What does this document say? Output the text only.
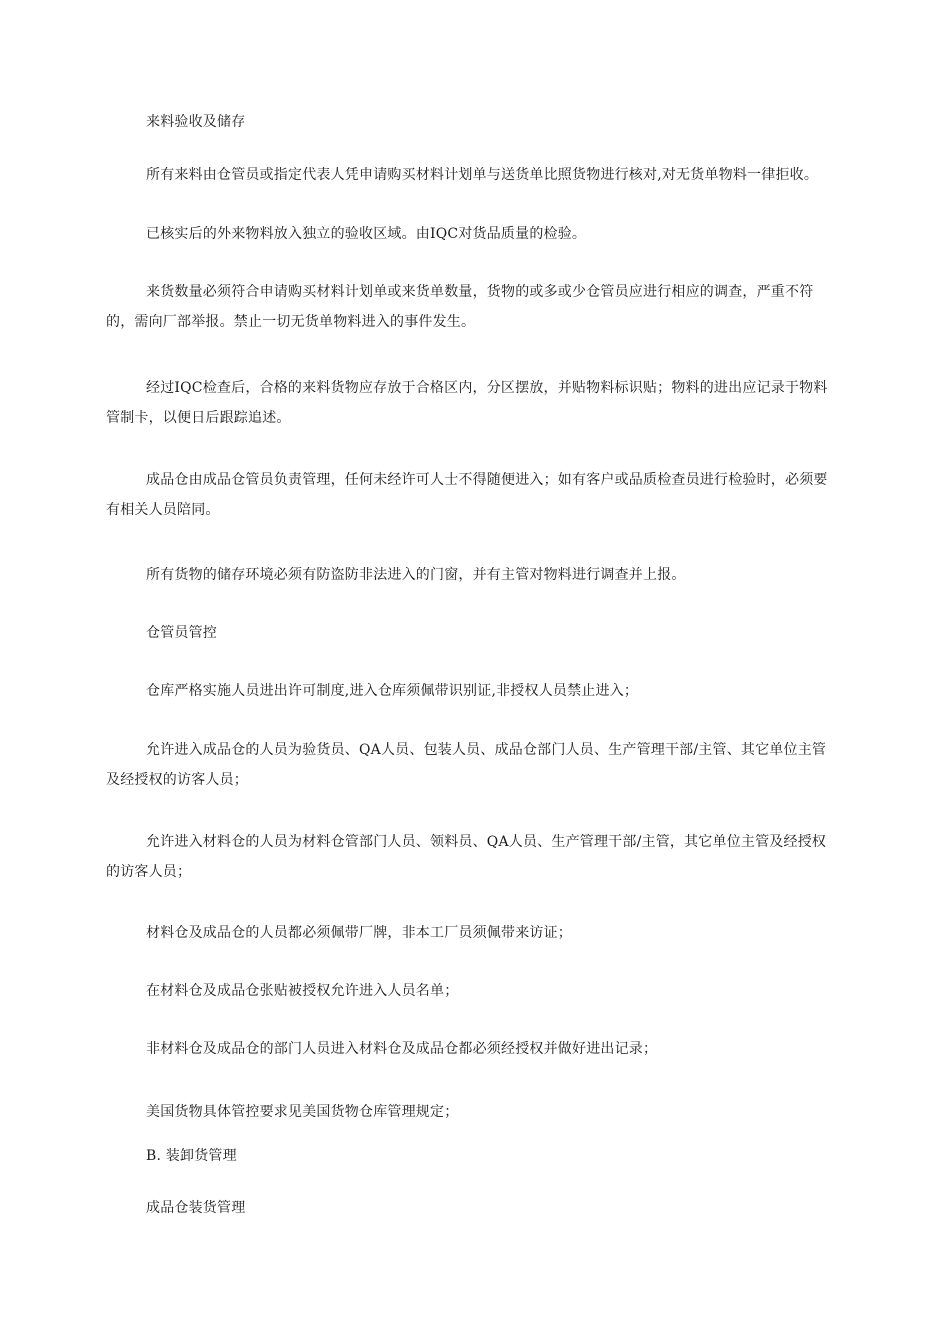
来料验收及储存

所有来料由仓管员或指定代表人凭申请购买材料计划单与送货单比照货物进行核对,对无货单物料一律拒收。

已核实后的外来物料放入独立的验收区域。由IQC对货品质量的检验。

来货数量必须符合申请购买材料计划单或来货单数量，货物的或多或少仓管员应进行相应的调查，严重不符的，需向厂部举报。禁止一切无货单物料进入的事件发生。

经过IQC检查后，合格的来料货物应存放于合格区内，分区摆放，并贴物料标识贴；物料的进出应记录于物料管制卡，以便日后跟踪追述。

成品仓由成品仓管员负责管理，任何未经许可人士不得随便进入；如有客户或品质检查员进行检验时，必须要有相关人员陪同。

所有货物的储存环境必须有防盗防非法进入的门窗，并有主管对物料进行调查并上报。

仓管员管控

仓库严格实施人员进出许可制度,进入仓库须佩带识别证,非授权人员禁止进入；

允许进入成品仓的人员为验货员、QA人员、包装人员、成品仓部门人员、生产管理干部/主管、其它单位主管及经授权的访客人员；

允许进入材料仓的人员为材料仓管部门人员、领料员、QA人员、生产管理干部/主管，其它单位主管及经授权的访客人员；

材料仓及成品仓的人员都必须佩带厂牌，非本工厂员须佩带来访证；

在材料仓及成品仓张贴被授权允许进入人员名单；

非材料仓及成品仓的部门人员进入材料仓及成品仓都必须经授权并做好进出记录；

美国货物具体管控要求见美国货物仓库管理规定；

B. 装卸货管理

成品仓装货管理
